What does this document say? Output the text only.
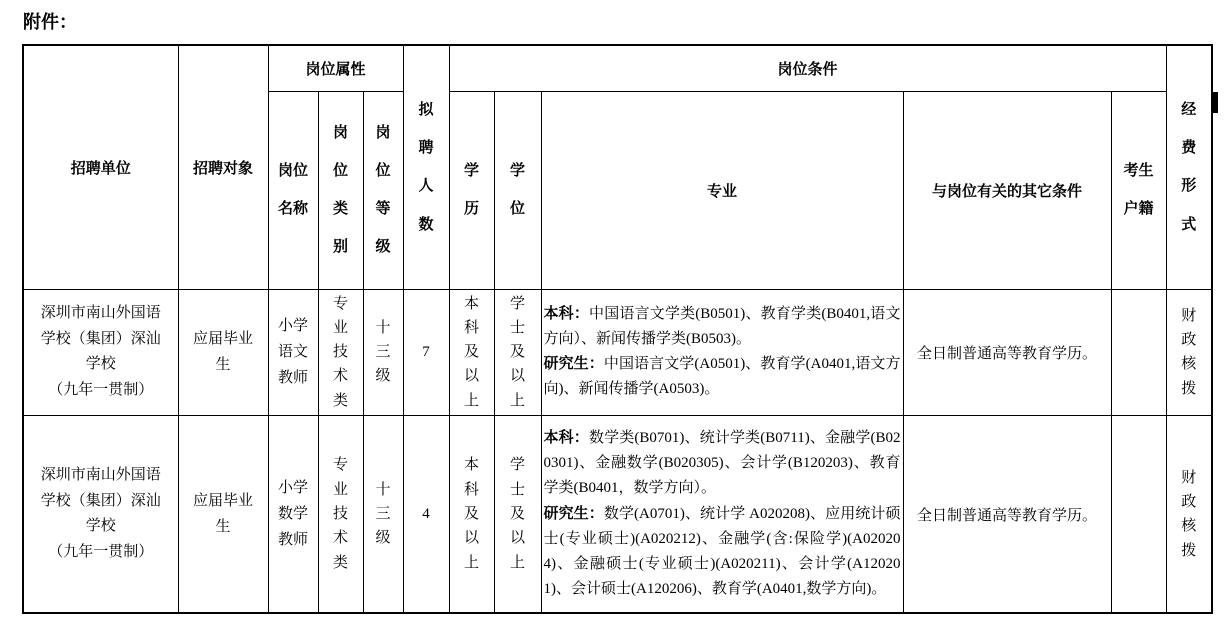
附件：
招聘单位	招聘对象	岗位属性			拟聘人数	岗位条件					经费形式
		岗位名称	岗位类别	岗位等级		学历	学位	专业	与岗位有关的其它条件	考生户籍	
深圳市南山外国语学校（集团）深汕学校 （九年一贯制）	应届毕业生	小学语文教师	专业技术类	十三级	7	本科及以上	学士及以上	本科：中国语言文学类(B0501)、教育学类(B0401,语文方向）、新闻传播学类(B0503)。

研究生：中国语言文学(A0501)、教育学(A0401,语文方向)、新闻传播学(A0503)。	全日制普通高等教育学历。		财政核拨
深圳市南山外国语学校（集团）深汕学校 （九年一贯制）	应届毕业生	小学数学教师	专业技术类	十三级	4	本科及以上	学士及以上	本科：数学类(B0701)、统计学类(B0711)、金融学(B020301)、金融数学(B020305)、会计学(B120203)、教育学类(B0401，数学方向）。

研究生：数学(A0701)、统计学 A020208)、应用统计硕士(专业硕士)(A020212)、金融学(含:保险学)(A020204)、金融硕士(专业硕士)(A020211)、会计学(A120201)、会计硕士(A120206)、教育学(A0401,数学方向)。	全日制普通高等教育学历。		财政核拨
